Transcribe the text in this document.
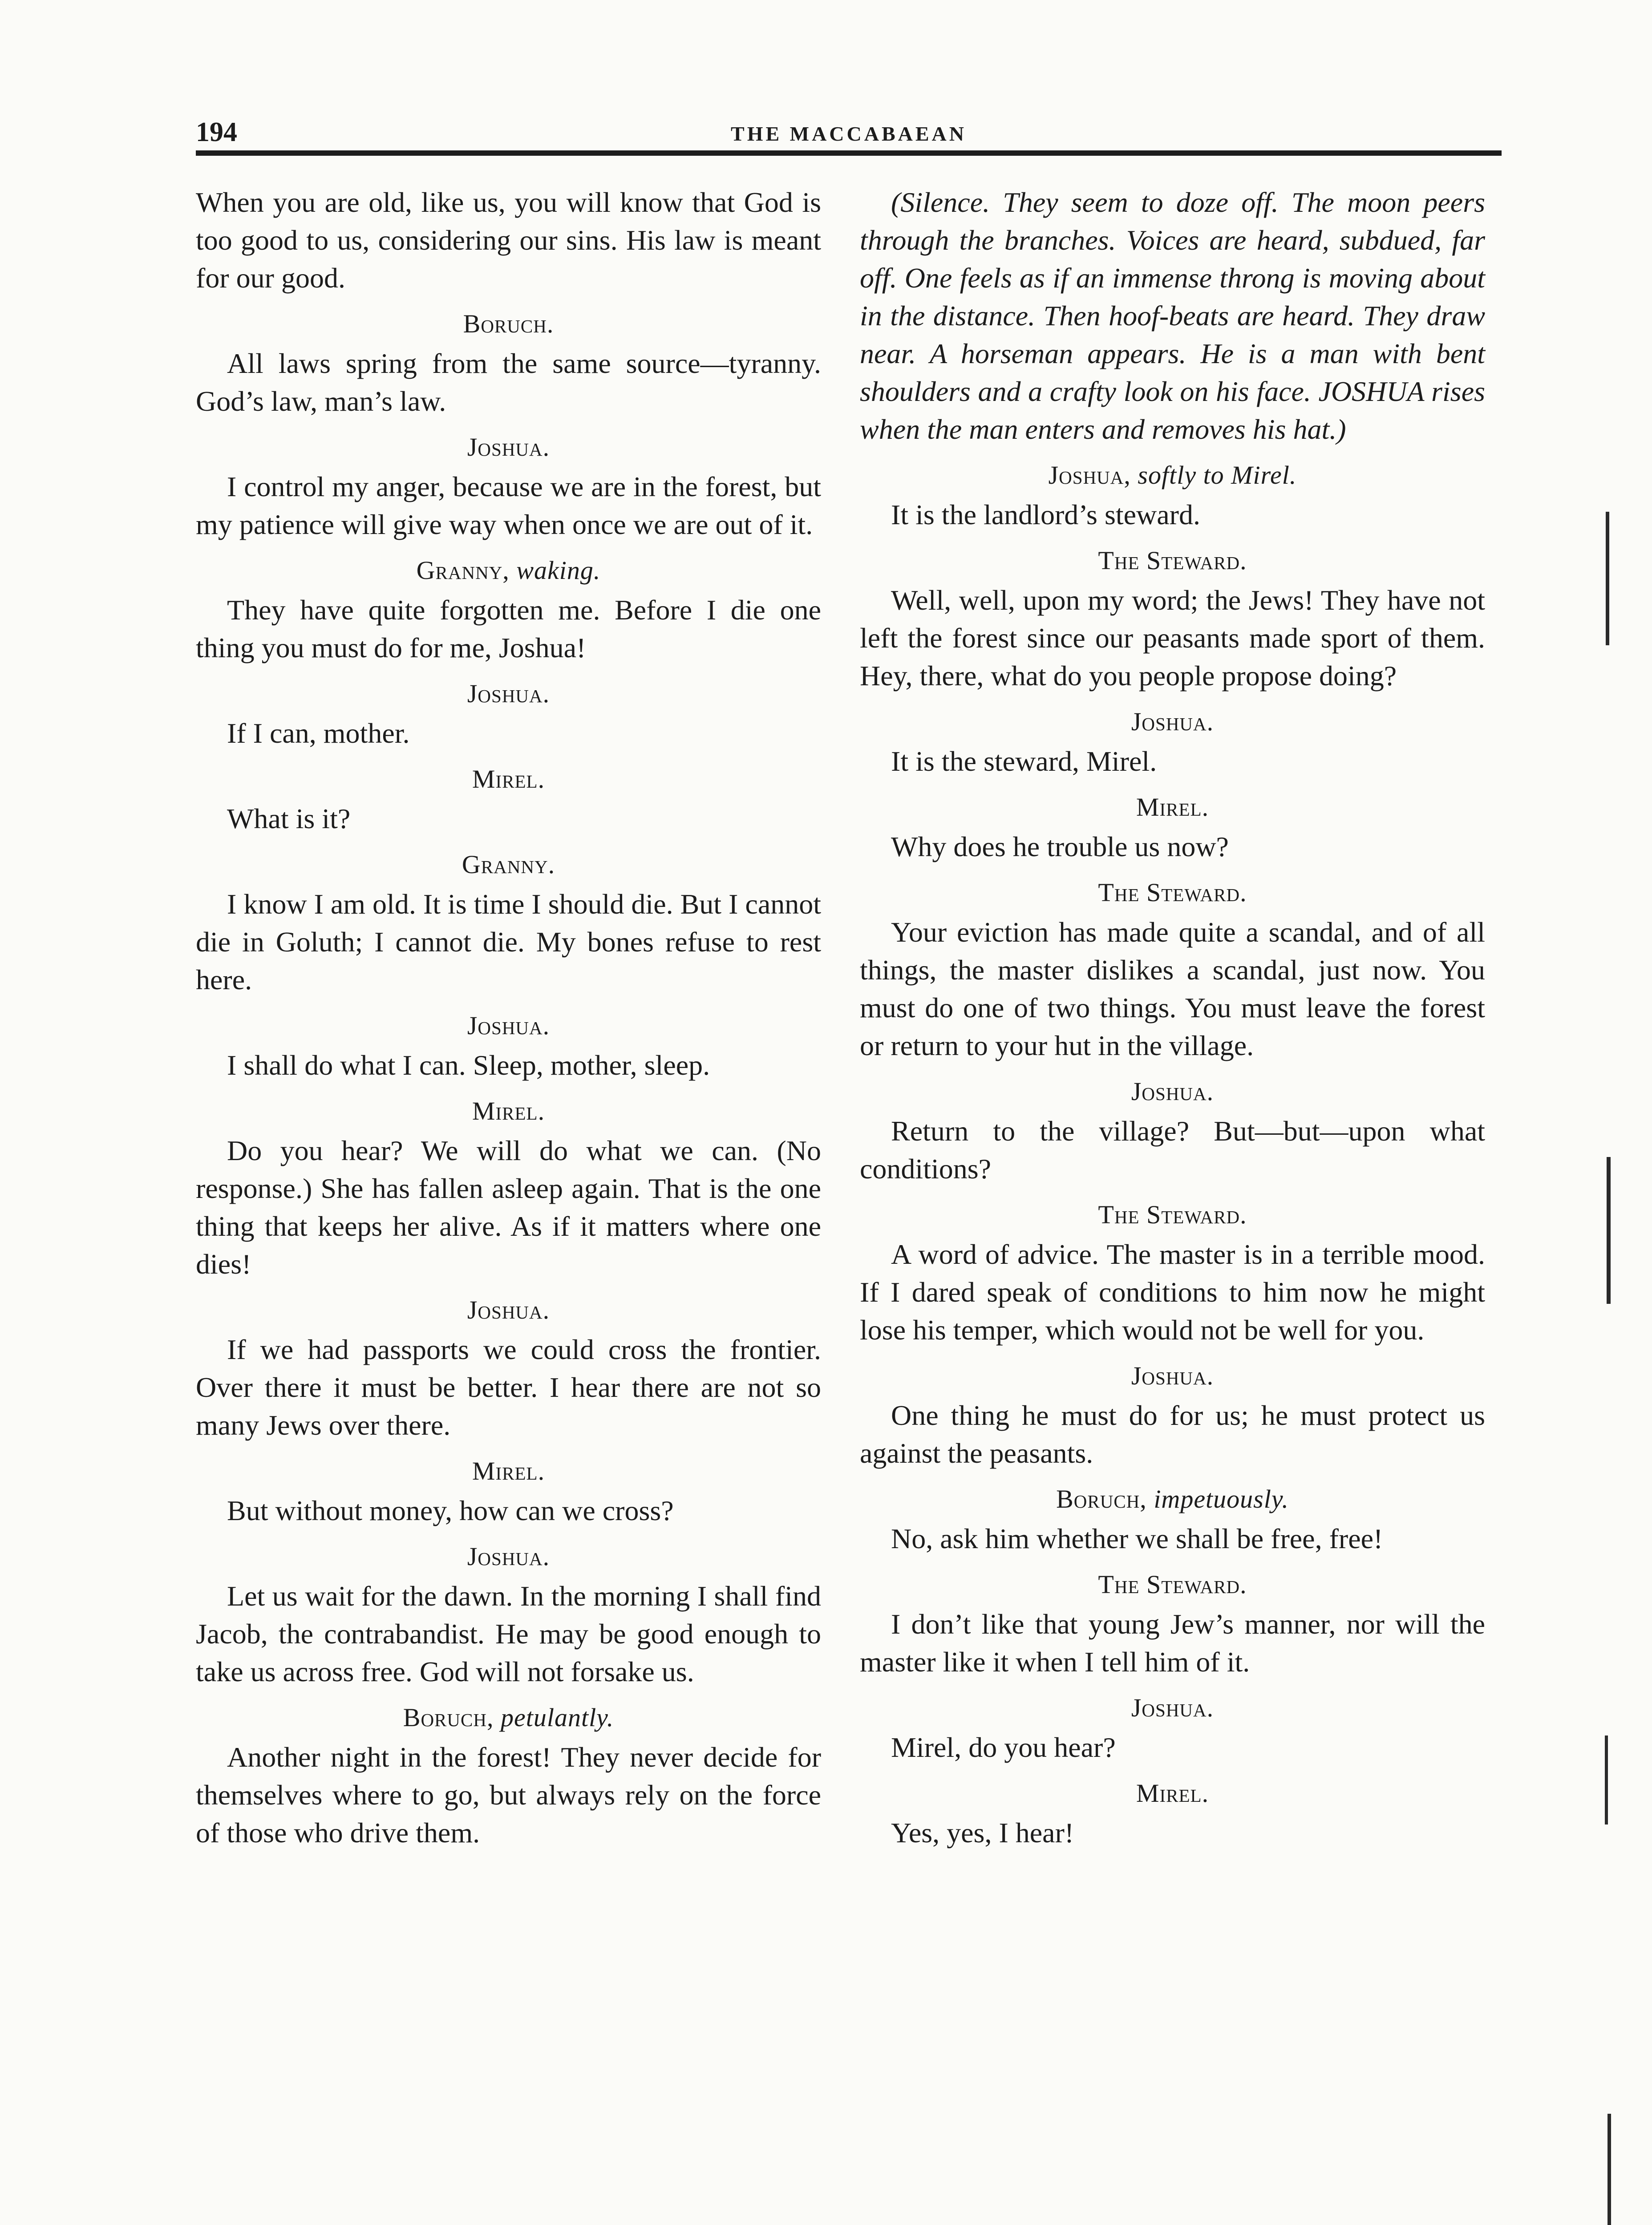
194	THE MACCABAEAN

When you are old, like us, you will know that God is too good to us, considering our sins. His law is meant for our good.

Boruch.

All laws spring from the same source—tyranny. God’s law, man’s law.

Joshua.

I control my anger, because we are in the forest, but my patience will give way when once we are out of it.

Granny, waking.

They have quite forgotten me. Before I die one thing you must do for me, Joshua!

Joshua.

If I can, mother.

Mirel.

What is it?

Granny.

I know I am old. It is time I should die. But I cannot die in Goluth; I cannot die. My bones refuse to rest here.

Joshua.

I shall do what I can. Sleep, mother, sleep.

Mirel.

Do you hear? We will do what we can. (No response.) She has fallen asleep again. That is the one thing that keeps her alive. As if it matters where one dies!

Joshua.

If we had passports we could cross the frontier. Over there it must be better. I hear there are not so many Jews over there.

Mirel.

But without money, how can we cross?

Joshua.

Let us wait for the dawn. In the morning I shall find Jacob, the contrabandist. He may be good enough to take us across free. God will not forsake us.

Boruch, petulantly.

Another night in the forest! They never decide for themselves where to go, but always rely on the force of those who drive them.

(Silence. They seem to doze off. The moon peers through the branches. Voices are heard, subdued, far off. One feels as if an immense throng is moving about in the distance. Then hoof-beats are heard. They draw near. A horseman appears. He is a man with bent shoulders and a crafty look on his face. JOSHUA rises when the man enters and removes his hat.)

Joshua, softly to Mirel.

It is the landlord’s steward.

The Steward.

Well, well, upon my word; the Jews! They have not left the forest since our peasants made sport of them. Hey, there, what do you people propose doing?

Joshua.

It is the steward, Mirel.

Mirel.

Why does he trouble us now?

The Steward.

Your eviction has made quite a scandal, and of all things, the master dislikes a scandal, just now. You must do one of two things. You must leave the forest or return to your hut in the village.

Joshua.

Return to the village? But—but—upon what conditions?

The Steward.

A word of advice. The master is in a terrible mood. If I dared speak of conditions to him now he might lose his temper, which would not be well for you.

Joshua.

One thing he must do for us; he must protect us against the peasants.

Boruch, impetuously.

No, ask him whether we shall be free, free!

The Steward.

I don’t like that young Jew’s manner, nor will the master like it when I tell him of it.

Joshua.

Mirel, do you hear?

Mirel.

Yes, yes, I hear!
